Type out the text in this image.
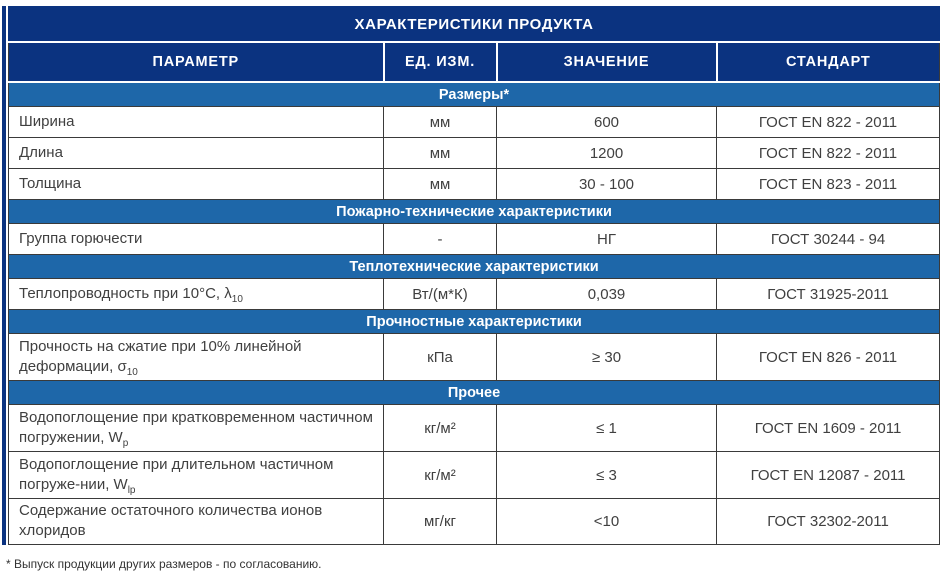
ХАРАКТЕРИСТИКИ ПРОДУКТА			
ПАРАМЕТР	ЕД. ИЗМ.	ЗНАЧЕНИЕ	СТАНДАРТ
Размеры*			
Ширина	мм	600	ГОСТ EN 822 - 2011
Длина	мм	1200	ГОСТ EN 822 - 2011
Толщина	мм	30 - 100	ГОСТ EN 823 - 2011
Пожарно-технические характеристики			
Группа горючести	-	НГ	ГОСТ 30244 - 94
Теплотехнические характеристики			
Теплопроводность при 10°C, $\lambda_{10}$	Вт/(м*К)	0,039	ГОСТ 31925-2011
Прочностные характеристики			
Прочность на сжатие при 10% линейной деформации, $\sigma_{10}$	кПа	≥ 30	ГОСТ EN 826 - 2011
Прочее			
Водопоглощение при кратковременном частичном погружении, $W_p$	кг/м²	≤ 1	ГОСТ EN 1609 - 2011
Водопоглощение при длительном частичном погруже-нии, $W_{lp}$	кг/м²	≤ 3	ГОСТ EN 12087 - 2011
Содержание остаточного количества ионов хлоридов	мг/кг	<10	ГОСТ 32302-2011
* Выпуск продукции других размеров - по согласованию.
